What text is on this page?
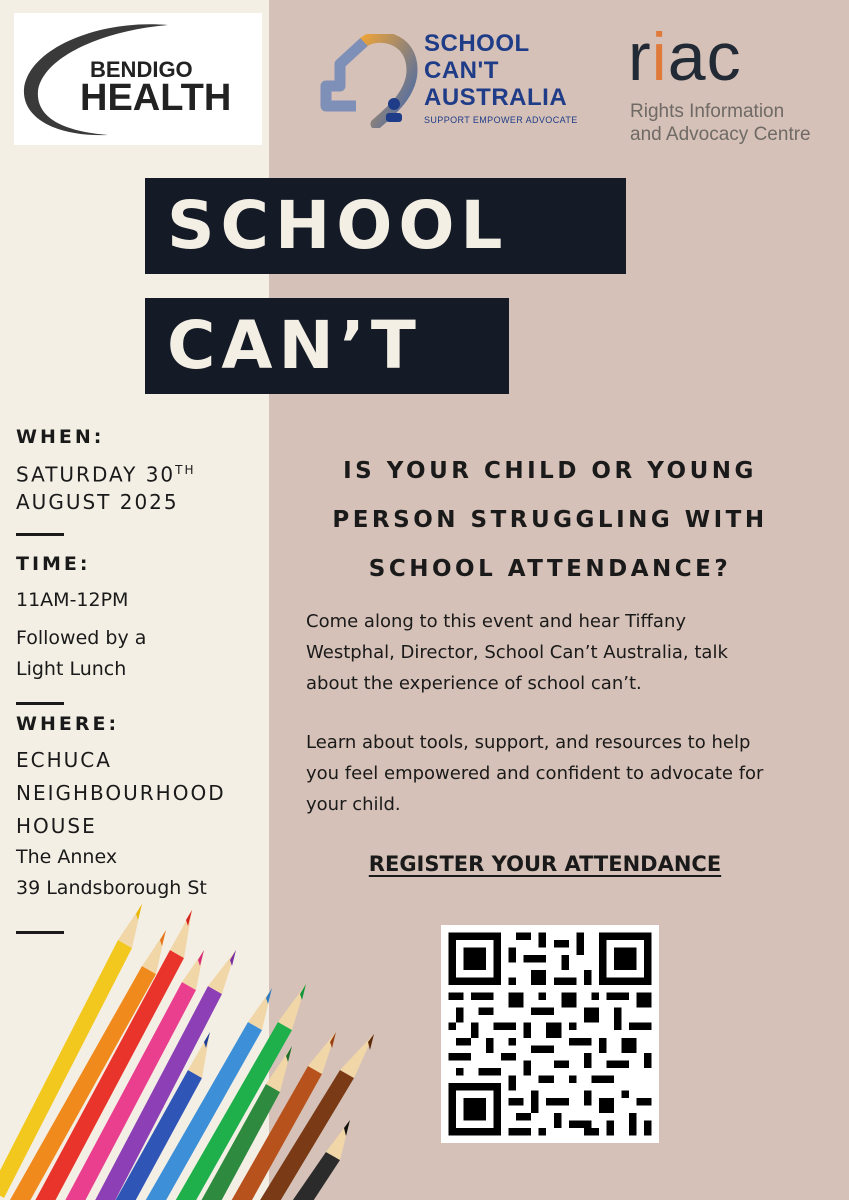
BENDIGO
HEALTH
SCHOOL
CAN'T
AUSTRALIA
SUPPORT EMPOWER ADVOCATE
riac
Rights Information
and Advocacy Centre
SCHOOL
CAN’T
WHEN:
SATURDAY 30TH
AUGUST 2025
TIME:
11AM-12PM
Followed by a
Light Lunch
WHERE:
ECHUCA
NEIGHBOURHOOD
HOUSE
The Annex
39 Landsborough St
IS YOUR CHILD OR YOUNG
PERSON STRUGGLING WITH
SCHOOL ATTENDANCE?
Come along to this event and hear Tiffany
Westphal, Director, School Can’t Australia, talk
about the experience of school can’t.
Learn about tools, support, and resources to help
you feel empowered and confident to advocate for
your child.
REGISTER YOUR ATTENDANCE
